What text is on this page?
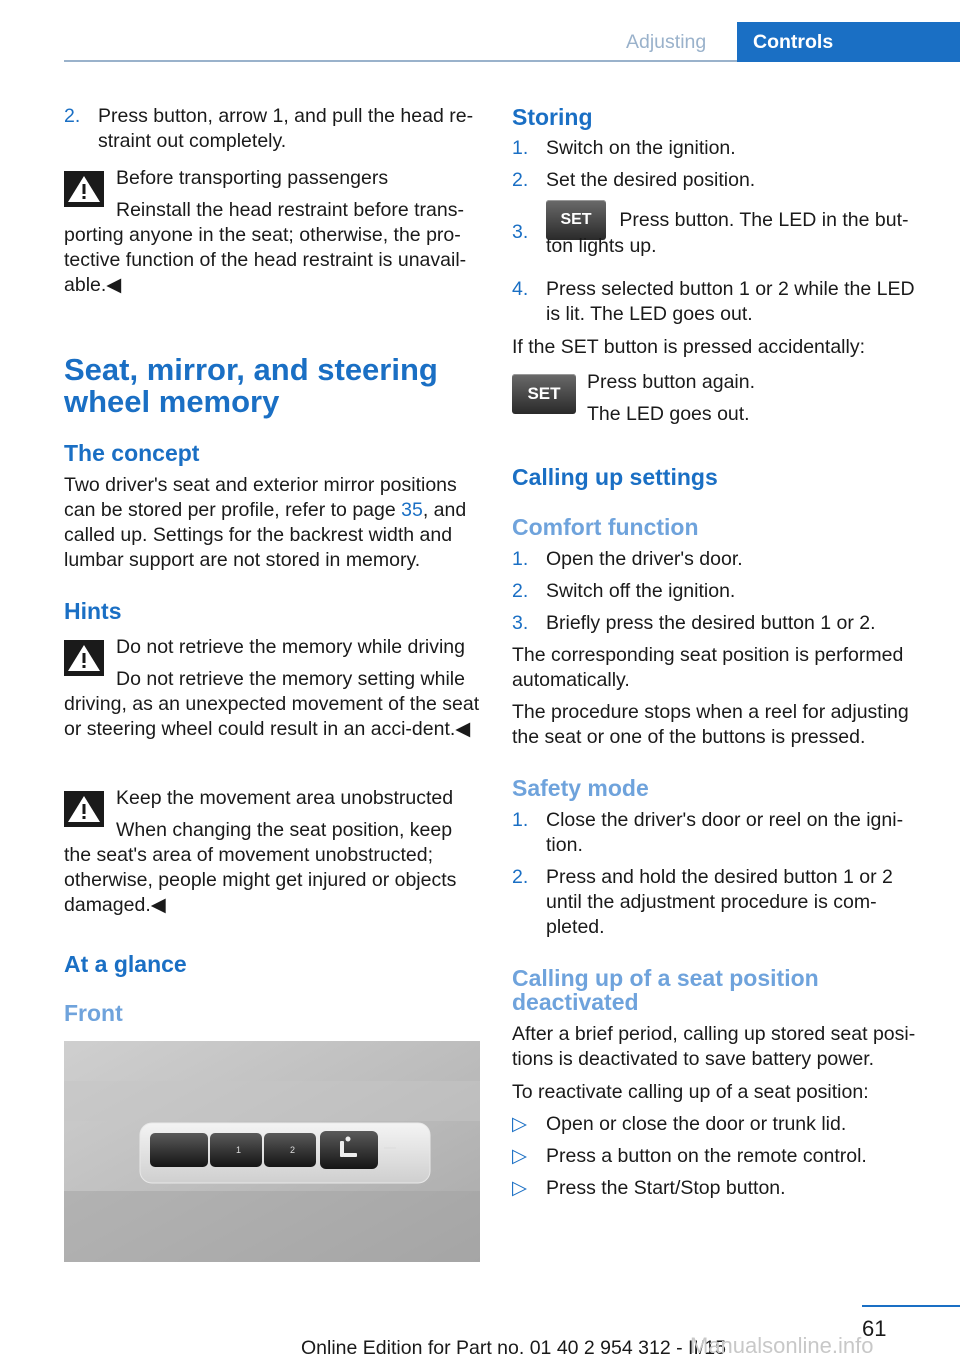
Adjusting	Controls
2. Press button, arrow 1, and pull the head restraint out completely.
Before transporting passengers
Reinstall the head restraint before trans‐
porting anyone in the seat; otherwise, the pro‐tective function of the head restraint is unavail‐able.◀
Seat, mirror, and steering wheel memory
The concept
Two driver's seat and exterior mirror positions can be stored per profile, refer to page 35, and called up. Settings for the backrest width and lumbar support are not stored in memory.
Hints
Do not retrieve the memory while driving
Do not retrieve the memory setting while
driving, as an unexpected movement of the seat or steering wheel could result in an acci‐dent.◀
Keep the movement area unobstructed
When changing the seat position, keep
the seat's area of movement unobstructed; otherwise, people might get injured or objects damaged.◀
At a glance
Front
1	2
Storing
1. Switch on the ignition.
2. Set the desired position.
3.
SET Press button. The LED in the but‐
ton lights up.
4. Press selected button 1 or 2 while the LED is lit. The LED goes out.
If the SET button is pressed accidentally:
SET
Press button again.
The LED goes out.
Calling up settings
Comfort function
1. Open the driver's door.
2. Switch off the ignition.
3. Briefly press the desired button 1 or 2.
The corresponding seat position is performed automatically.
The procedure stops when a reel for adjusting the seat or one of the buttons is pressed.
Safety mode
1. Close the driver's door or reel on the igni‐tion.
2. Press and hold the desired button 1 or 2 until the adjustment procedure is com‐pleted.
Calling up of a seat position deactivated
After a brief period, calling up stored seat posi‐tions is deactivated to save battery power.
To reactivate calling up of a seat position:
▷ Open or close the door or trunk lid.
▷ Press a button on the remote control.
▷ Press the Start/Stop button.
61
Online Edition for Part no. 01 40 2 954 312 - II/15
Manualsonline.info
